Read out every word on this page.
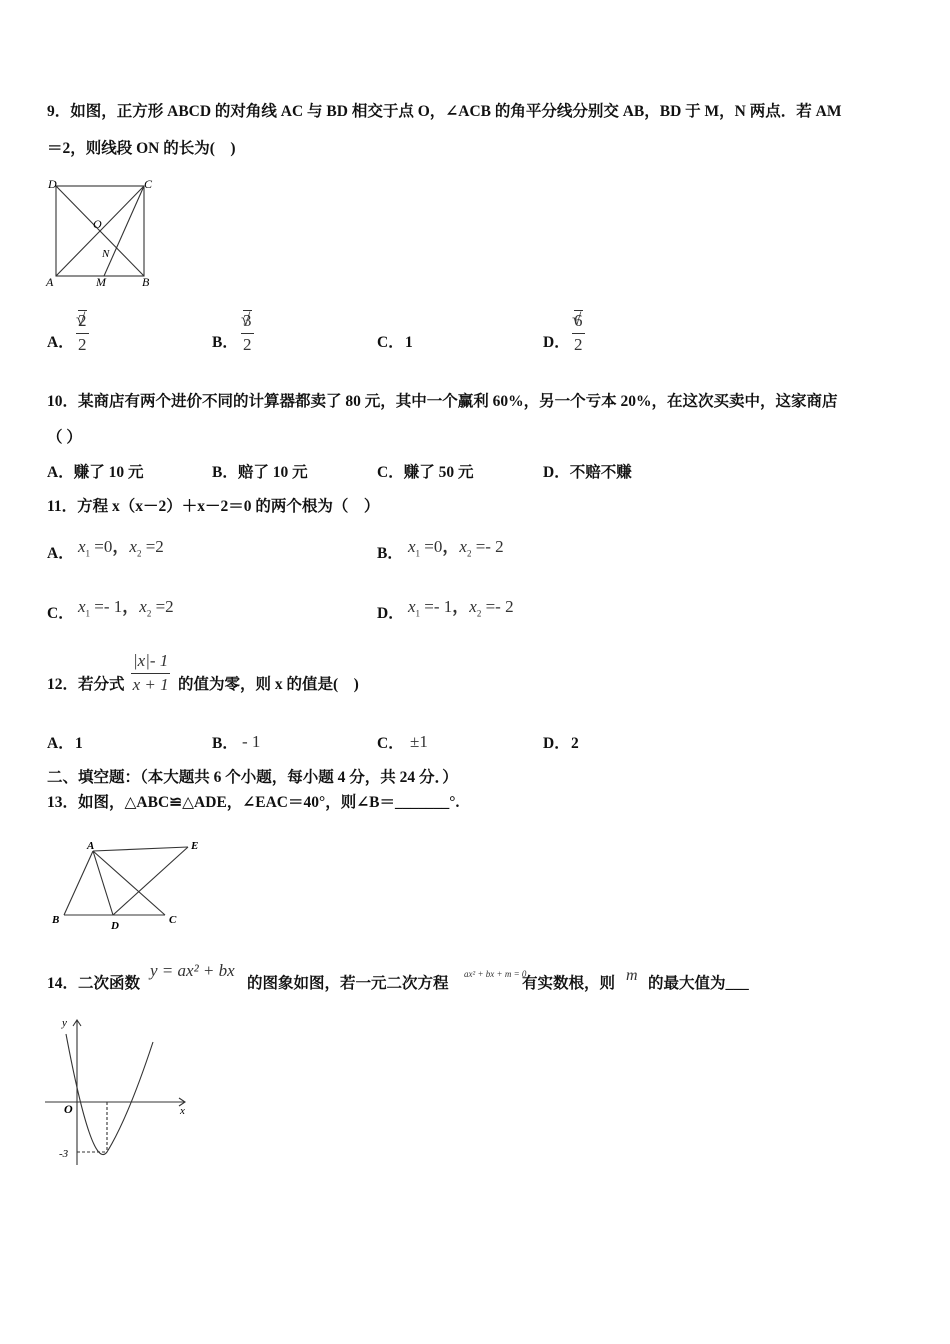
9．如图，正方形 ABCD 的对角线 AC 与 BD 相交于点 O，∠ACB 的角平分线分别交 AB，BD 于 M，N 两点．若 AM
＝2，则线段 ON 的长为(　)
D	C
O
N
A	M	B
A． √ $\frac{2}{2}$	B． √ $\frac{3}{2}$	C． 1	D． √ $\frac{6}{2}$
10．某商店有两个进价不同的计算器都卖了 80 元，其中一个赢利 60%，另一个亏本 20%，在这次买卖中，这家商店
（ ）
A．赚了 10 元	B．赔了 10 元	C．赚了 50 元	D．不赔不赚
11．方程 x（x－2）＋x－2＝0 的两个根为（　）
A． $x_1 =0$，$x_2 =2$	B． $x_1 =0$，$x_2 =- 2$
C． $x_1 =- 1$，$x_2 =2$	D． $x_1 =- 1$，$x_2 =- 2$
12．若分式 $\frac{|x|- 1}{x + 1}$ 的值为零，则 x 的值是(　)
A． 1	B． - 1	C． ±1	D． 2
二、填空题：（本大题共 6 个小题，每小题 4 分，共 24 分．）
13．如图，△ABC≌△ADE，∠EAC＝40°，则∠B＝_______°.
A	E
B	D	C
14．二次函数
y = ax² + bx
的图象如图，若一元二次方程
ax² + bx + m = 0
有实数根，则 m 的最大值为___
y
x
O
-3
